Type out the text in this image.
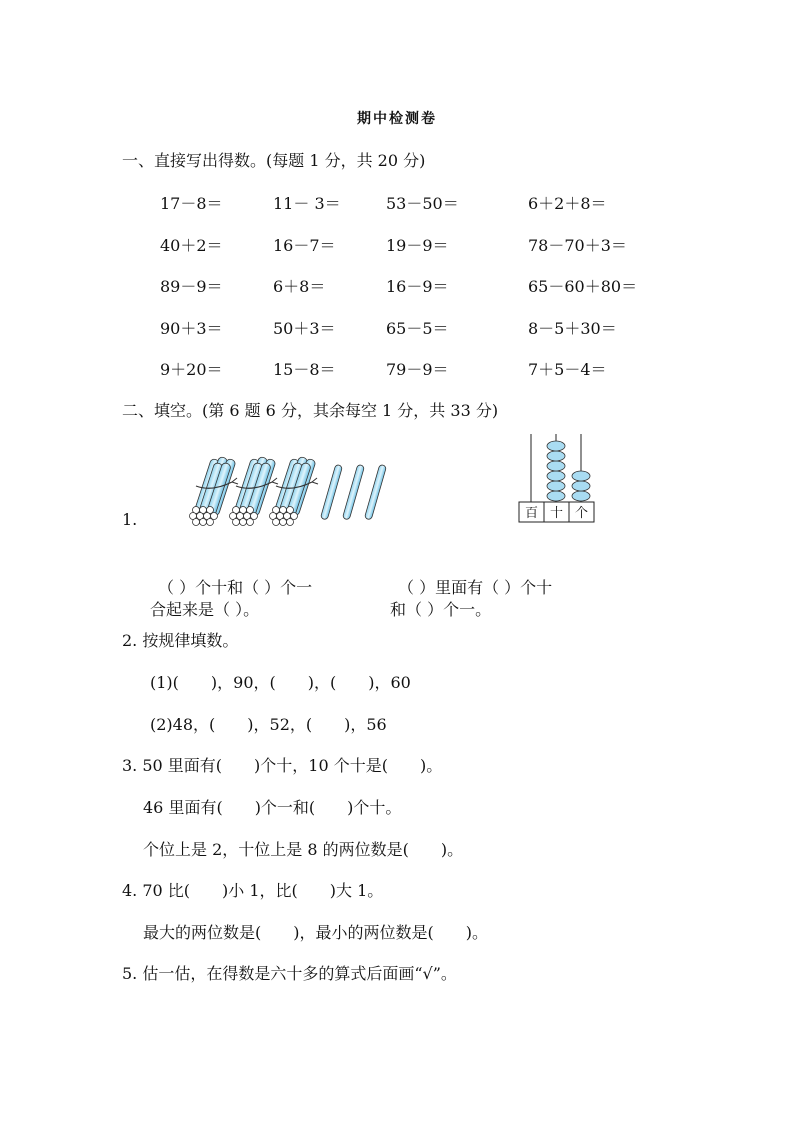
期中检测卷
一、直接写出得数。(每题 1 分，共 20 分)
17－8＝	11－ 3＝	53－50＝	6＋2＋8＝
40＋2＝	16－7＝	19－9＝	78－70＋3＝
89－9＝	6＋8＝	16－9＝	65－60＋80＝
90＋3＝	50＋3＝	65－5＝	8－5＋30＝
9＋20＝	15－8＝	79－9＝	7＋5－4＝
二、填空。(第 6 题 6 分，其余每空 1 分，共 33 分)
1.	百 十 个
（ ）个十和（ ）个一
合起来是（ ）。
（ ）里面有（ ）个十
和（ ）个一。
2. 按规律填数。
(1)(　　)，90，(　　)，(　　)，60
(2)48，(　　)，52，(　　)，56
3. 50 里面有(　　)个十，10 个十是(　　)。
46 里面有(　　)个一和(　　)个十。
个位上是 2，十位上是 8 的两位数是(　　)。
4. 70 比(　　)小 1，比(　　)大 1。
最大的两位数是(　　)，最小的两位数是(　　)。
5. 估一估，在得数是六十多的算式后面画“√”。
